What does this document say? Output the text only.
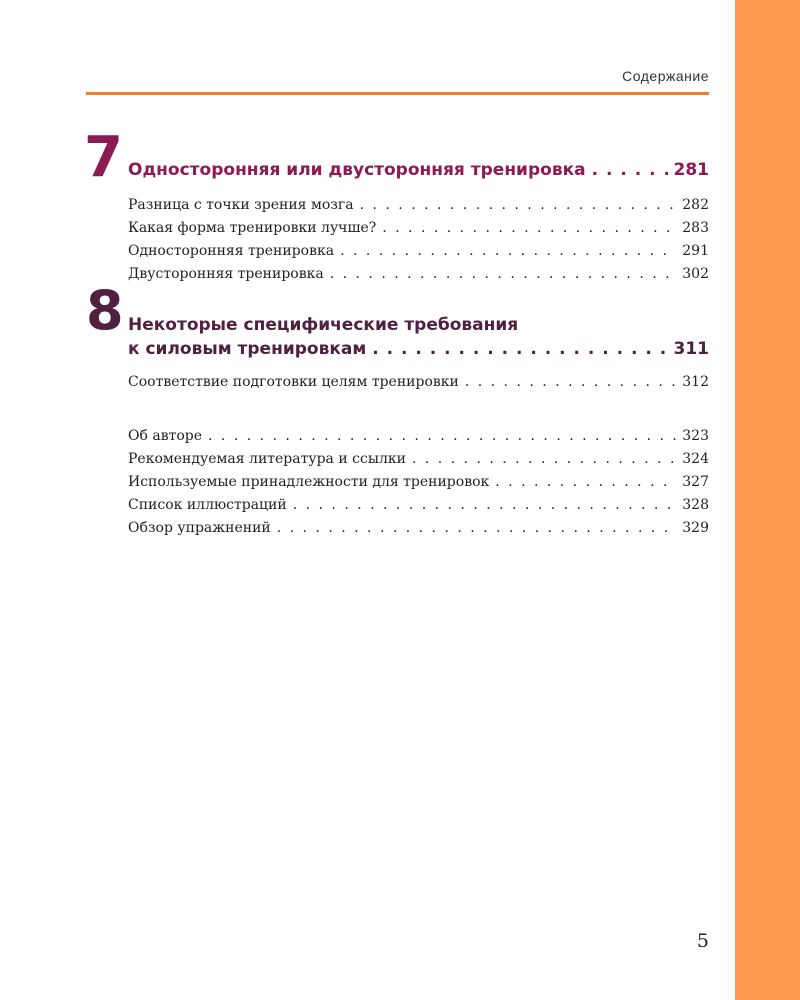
Содержание
7 Односторонняя или двусторонняя тренировка . . .	281
Разница с точки зрения мозга . . .	282
Какая форма тренировки лучше? . . .	283
Односторонняя тренировка . . .	291
Двусторонняя тренировка . . .	302
8 Некоторые специфические требования
к силовым тренировкам . . .	311
Соответствие подготовки целям тренировки . . .	312
Об авторе . . .	323
Рекомендуемая литература и ссылки . . .	324
Используемые принадлежности для тренировок . . .	327
Список иллюстраций . . .	328
Обзор упражнений . . .	329
5
